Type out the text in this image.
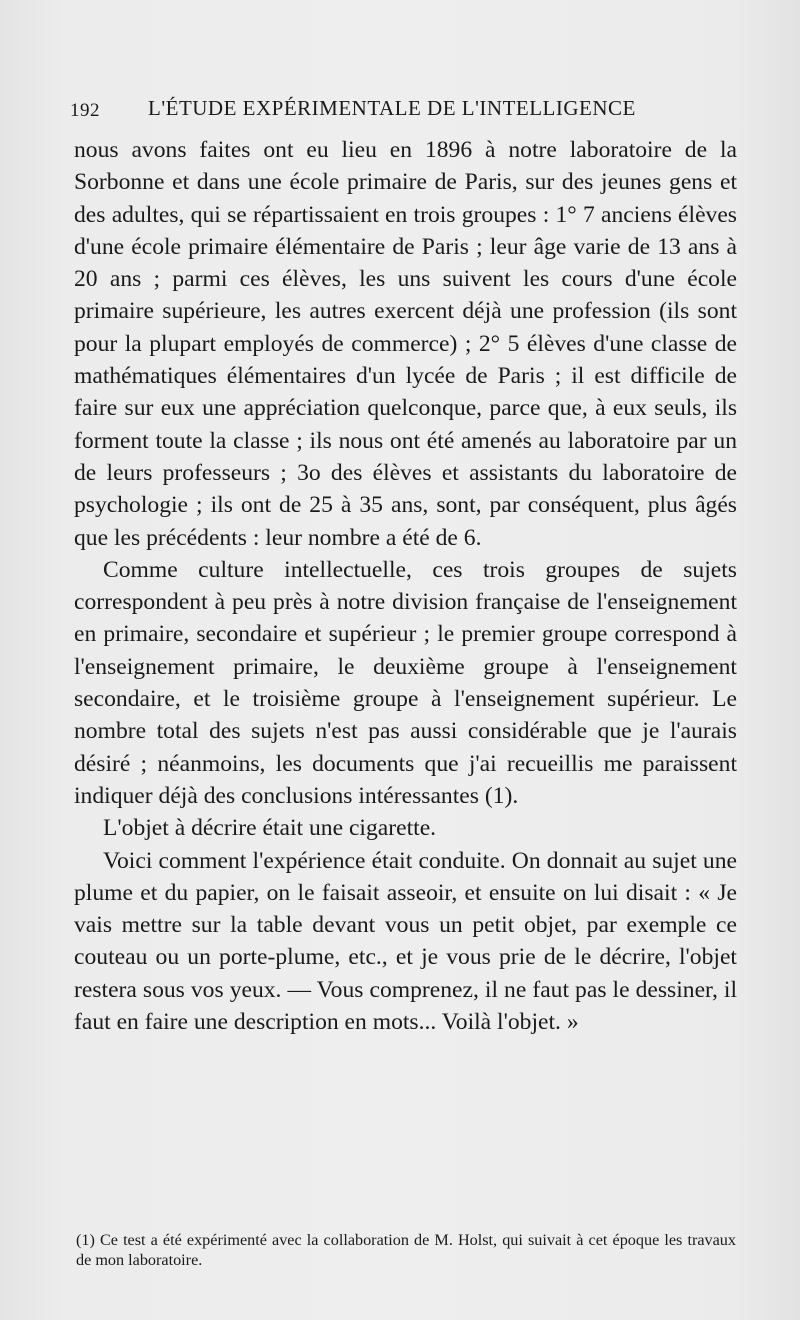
192 L'ÉTUDE EXPÉRIMENTALE DE L'INTELLIGENCE

nous avons faites ont eu lieu en 1896 à notre laboratoire de la Sorbonne et dans une école primaire de Paris, sur des jeunes gens et des adultes, qui se répartissaient en trois groupes : 1° 7 anciens élèves d'une école primaire élémentaire de Paris ; leur âge varie de 13 ans à 20 ans ; parmi ces élèves, les uns suivent les cours d'une école primaire supérieure, les autres exercent déjà une profession (ils sont pour la plupart employés de commerce) ; 2° 5 élèves d'une classe de mathématiques élémentaires d'un lycée de Paris ; il est difficile de faire sur eux une appréciation quelconque, parce que, à eux seuls, ils forment toute la classe ; ils nous ont été amenés au laboratoire par un de leurs professeurs ; 3o des élèves et assistants du laboratoire de psychologie ; ils ont de 25 à 35 ans, sont, par conséquent, plus âgés que les précédents : leur nombre a été de 6.

Comme culture intellectuelle, ces trois groupes de sujets correspondent à peu près à notre division française de l'enseignement en primaire, secondaire et supérieur ; le premier groupe correspond à l'enseignement primaire, le deuxième groupe à l'enseignement secondaire, et le troisième groupe à l'enseignement supérieur. Le nombre total des sujets n'est pas aussi considérable que je l'aurais désiré ; néanmoins, les documents que j'ai recueillis me paraissent indiquer déjà des conclusions intéressantes (1).

L'objet à décrire était une cigarette.

Voici comment l'expérience était conduite. On donnait au sujet une plume et du papier, on le faisait asseoir, et ensuite on lui disait : « Je vais mettre sur la table devant vous un petit objet, par exemple ce couteau ou un porte-plume, etc., et je vous prie de le décrire, l'objet restera sous vos yeux. — Vous comprenez, il ne faut pas le dessiner, il faut en faire une description en mots... Voilà l'objet. »

(1) Ce test a été expérimenté avec la collaboration de M. Holst, qui suivait à cet époque les travaux de mon laboratoire.
